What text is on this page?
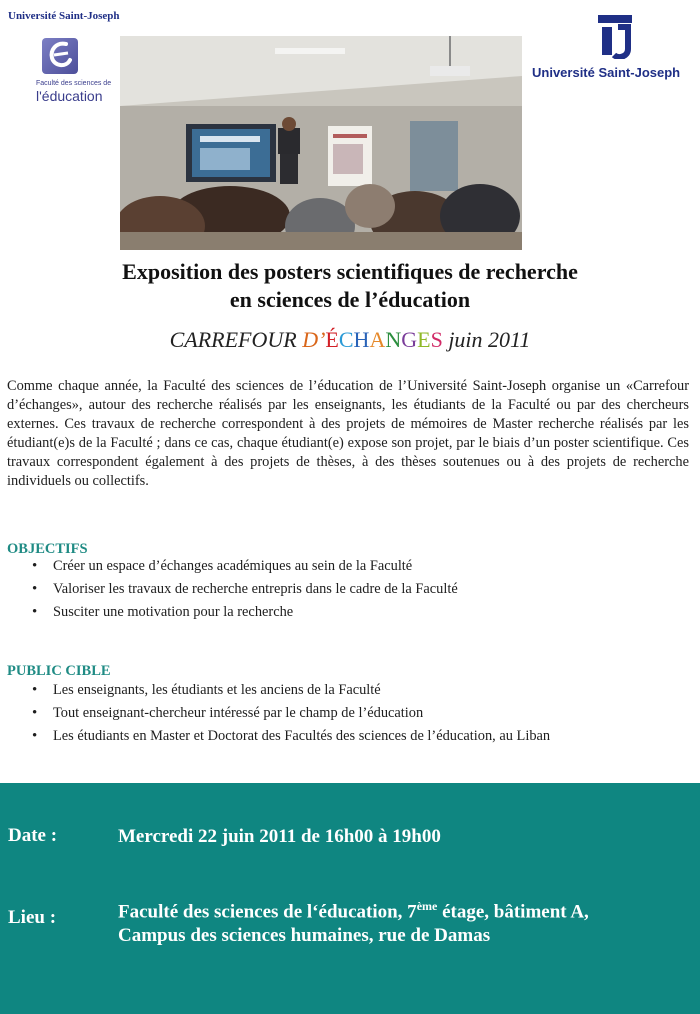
Université Saint-Joseph
Faculté des sciences de
l'éducation
Université Saint-Joseph
Exposition des posters scientifiques de recherche
en sciences de l’éducation
CARREFOUR D’ÉCHANGES juin 2011

Comme chaque année, la Faculté des sciences de l’éducation de l’Université Saint-Joseph organise un «Carrefour d’échanges», autour des recherche réalisés par les enseignants, les étudiants de la Faculté ou par des chercheurs externes. Ces travaux de recherche correspondent à des projets de mémoires de Master recherche réalisés par les étudiant(e)s de la Faculté ; dans ce cas, chaque étudiant(e) expose son projet, par le biais d’un poster scientifique. Ces travaux correspondent également à des projets de thèses, à des thèses soutenues ou à des projets de recherche individuels ou collectifs.

OBJECTIFS
• Créer un espace d’échanges académiques au sein de la Faculté
• Valoriser les travaux de recherche entrepris dans le cadre de la Faculté
• Susciter une motivation pour la recherche
PUBLIC CIBLE
• Les enseignants, les étudiants et les anciens de la Faculté
• Tout enseignant-chercheur intéressé par le champ de l’éducation
• Les étudiants en Master et Doctorat des Facultés des sciences de l’éducation, au Liban
Date :	Mercredi 22 juin 2011 de 16h00 à 19h00
Lieu :	Faculté des sciences de l‘éducation, 7ème étage, bâtiment A,
Campus des sciences humaines, rue de Damas
